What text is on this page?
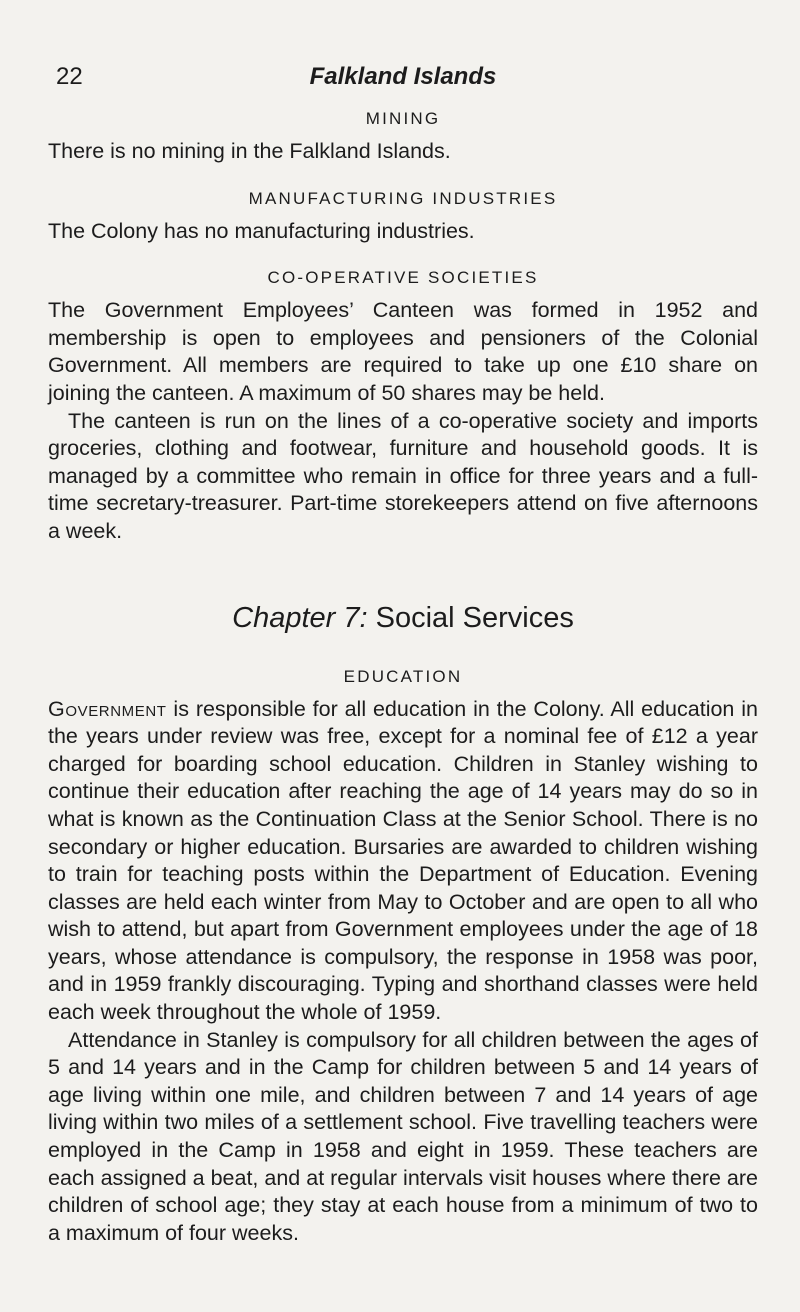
22	Falkland Islands
MINING

There is no mining in the Falkland Islands.

MANUFACTURING INDUSTRIES

The Colony has no manufacturing industries.

CO-OPERATIVE SOCIETIES

The Government Employees’ Canteen was formed in 1952 and membership is open to employees and pensioners of the Colonial Government. All members are required to take up one £10 share on joining the canteen. A maximum of 50 shares may be held.

The canteen is run on the lines of a co-operative society and imports groceries, clothing and footwear, furniture and household goods. It is managed by a committee who remain in office for three years and a full-time secretary-treasurer. Part-time storekeepers attend on five afternoons a week.

Chapter 7: Social Services
EDUCATION

Government is responsible for all education in the Colony. All education in the years under review was free, except for a nominal fee of £12 a year charged for boarding school education. Children in Stanley wishing to continue their education after reaching the age of 14 years may do so in what is known as the Continuation Class at the Senior School. There is no secondary or higher education. Bursaries are awarded to children wishing to train for teaching posts within the Department of Education. Evening classes are held each winter from May to October and are open to all who wish to attend, but apart from Government employees under the age of 18 years, whose attendance is compulsory, the response in 1958 was poor, and in 1959 frankly discouraging. Typing and shorthand classes were held each week throughout the whole of 1959.

Attendance in Stanley is compulsory for all children between the ages of 5 and 14 years and in the Camp for children between 5 and 14 years of age living within one mile, and children between 7 and 14 years of age living within two miles of a settlement school. Five travelling teachers were employed in the Camp in 1958 and eight in 1959. These teachers are each assigned a beat, and at regular intervals visit houses where there are children of school age; they stay at each house from a minimum of two to a maximum of four weeks.
